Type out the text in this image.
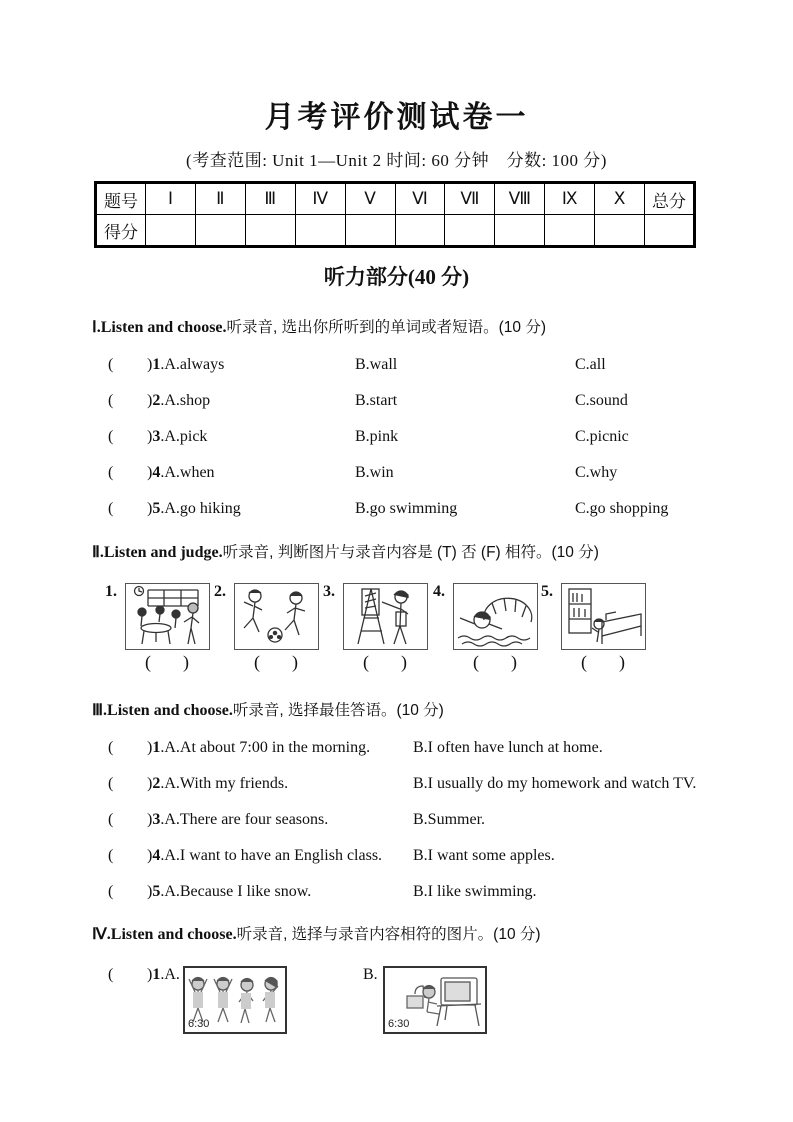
月考评价测试卷一
(考查范围: Unit 1—Unit 2 时间: 60 分钟　分数: 100 分)
题号	Ⅰ	Ⅱ	Ⅲ	Ⅳ	Ⅴ	Ⅵ	Ⅶ	Ⅷ	Ⅸ	Ⅹ	总分
得分											
听力部分(40 分)
Ⅰ.Listen and choose.听录音, 选出你所听到的单词或者短语。(10 分)
( )1.A.always	B.wall	C.all
( )2.A.shop	B.start	C.sound
( )3.A.pick	B.pink	C.picnic
( )4.A.when	B.win	C.why
( )5.A.go hiking	B.go swimming	C.go shopping
Ⅱ.Listen and judge.听录音, 判断图片与录音内容是 (T) 否 (F) 相符。(10 分)
1.	2.	3.	4.	5.
( )	( )	( )	( )	( )
Ⅲ.Listen and choose.听录音, 选择最佳答语。(10 分)
( )1.A.At about 7:00 in the morning.	B.I often have lunch at home.
( )2.A.With my friends.	B.I usually do my homework and watch TV.
( )3.A.There are four seasons.	B.Summer.
( )4.A.I want to have an English class. B.I want some apples.
( )5.A.Because I like snow.	B.I like swimming.
Ⅳ.Listen and choose.听录音, 选择与录音内容相符的图片。(10 分)
( )1.A.
6:30
B.
6:30
